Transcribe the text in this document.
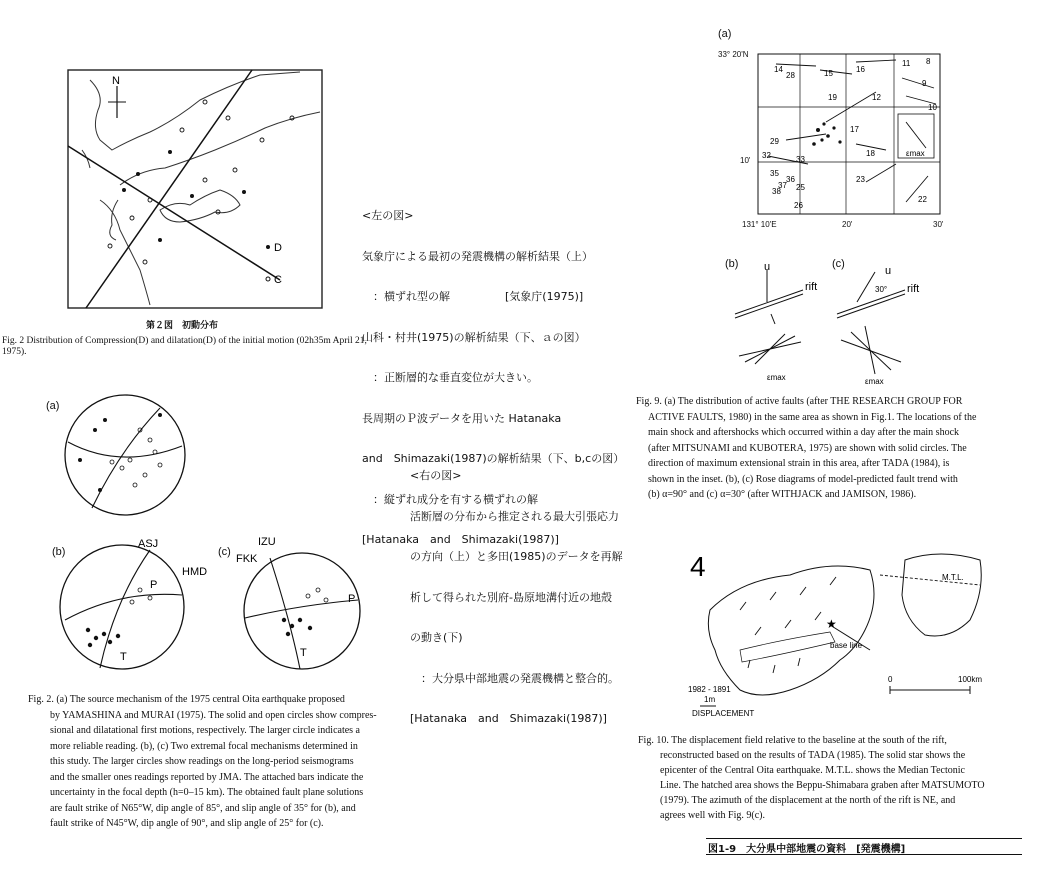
N
D
C
第２図　初動分布
Fig. 2 Distribution of Compression(D) and dilatation(D) of the initial motion (02h35m April 21, 1975).

<左の図>

気象庁による最初の発震機構の解析結果（上）

　：横ずれ型の解　　　　　[気象庁(1975)]

山科・村井(1975)の解析結果（下、ａの図）

　：正断層的な垂直変位が大きい。

長周期のＰ波データを用いた Hatanaka

and　Shimazaki(1987)の解析結果（下、b,cの図）

　：縦ずれ成分を有する横ずれの解

[Hatanaka　and　Shimazaki(1987)]

<右の図>

活断層の分布から推定される最大引張応力

の方向（上）と多田(1985)のデータを再解

析して得られた別府-島原地溝付近の地殻

の動き(下)

　：大分県中部地震の発震機構と整合的。

[Hatanaka　and　Shimazaki(1987)]

(a)
(b)	(c)
ASJ
HMD
P
T
IZU
FKK
P
T
Fig. 2. (a) The source mechanism of the 1975 central Oita earthquake proposed
by YAMASHINA and MURAI (1975). The solid and open circles show compres-
sional and dilatational first motions, respectively. The larger circle indicates a
more reliable reading. (b), (c) Two extremal focal mechanisms determined in
this study. The larger circles show readings on the long-period seismograms
and the smaller ones readings reported by JMA. The attached bars indicate the
uncertainty in the focal depth (h=0–15 km). The obtained fault plane solutions
are fault strike of N65°W, dip angle of 85°, and slip angle of 35° for (b), and
fault strike of N45°W, dip angle of 90°, and slip angle of 25° for (c).
(a)
33° 20'N
10'
131° 10'E	20'	30'
14
28	15	16
11 8
9
19	12
10
29
17
32	18
33
35
36
37
38 25
26
23
22
εmax
(b)	(c)
u
rift
εmax
u
rift
30°
εmax
Fig. 9. (a) The distribution of active faults (after THE RESEARCH GROUP FOR
ACTIVE FAULTS, 1980) in the same area as shown in Fig.1. The locations of the
main shock and aftershocks which occurred within a day after the main shock
(after MITSUNAMI and KUBOTERA, 1975) are shown with solid circles. The
direction of maximum extensional strain in this area, after TADA (1984), is
shown in the inset. (b), (c) Rose diagrams of model-predicted fault trend with
(b) α=90° and (c) α=30° (after WITHJACK and JAMISON, 1986).
4	M.T.L.
base line
★
0	100km
1982 - 1891
1m
DISPLACEMENT
Fig. 10. The displacement field relative to the baseline at the south of the rift,
reconstructed based on the results of TADA (1985). The solid star shows the
epicenter of the Central Oita earthquake. M.T.L. shows the Median Tectonic
Line. The hatched area shows the Beppu-Shimabara graben after MATSUMOTO
(1979). The azimuth of the displacement at the north of the rift is NE, and
agrees well with Fig. 9(c).
図1-9　大分県中部地震の資料　[発震機構]
